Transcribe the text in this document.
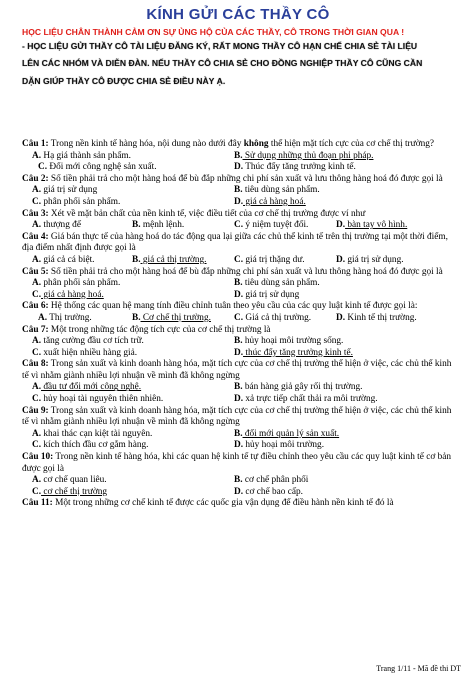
KÍNH GỬI CÁC THẦY CÔ
HỌC LIỆU CHÂN THÀNH CẢM ƠN SỰ ỦNG HỘ CỦA CÁC THẦY, CÔ TRONG THỜI GIAN QUA !
- HỌC LIỆU GỬI THẦY CÔ TÀI LIỆU ĐĂNG KÝ, RẤT MONG THẦY CÔ HẠN CHẾ CHIA SẺ TÀI LIỆU
LÊN CÁC NHÓM VÀ DIỄN ĐÀN. NẾU THẦY CÔ CHIA SẺ CHO ĐỒNG NGHIỆP THẦY CÔ CŨNG CẦN
DẶN GIÚP THẦY CÔ ĐƯỢC CHIA SẺ ĐIỀU NÀY Ạ.
Câu 1: Trong nền kinh tế hàng hóa, nội dung nào dưới đây không thể hiện mặt tích cực của cơ chế thị trường?
A. Hạ giá thành sản phẩm.	B. Sử dụng những thủ đoạn phi pháp.
C. Đổi mới công nghệ sản xuất.	D. Thúc đẩy tăng trưởng kinh tế.
Câu 2: Số tiền phải trả cho một hàng hoá để bù đắp những chi phí sản xuất và lưu thông hàng hoá đó được gọi là
A. giá trị sử dụng	B. tiêu dùng sản phẩm.
C. phân phối sản phẩm.	D. giá cả hàng hoá.
Câu 3: Xét về mặt bản chất của nền kinh tế, việc điều tiết của cơ chế thị trường được ví như
A. thượng đế	B. mệnh lệnh.	C. ý niệm tuyệt đối.	D. bàn tay vô hình.
Câu 4: Giá bán thực tế của hàng hoá do tác động qua lại giữa các chủ thể kinh tế trên thị trường tại một thời điểm, địa điểm nhất định được gọi là
A. giá cả cá biệt.	B. giá cả thị trường.	C. giá trị thặng dư.	D. giá trị sử dụng.
Câu 5: Số tiền phải trả cho một hàng hoá để bù đắp những chi phí sản xuất và lưu thông hàng hoá đó được gọi là
A. phân phối sản phẩm.	B. tiêu dùng sản phẩm.
C. giá cả hàng hoá.	D. giá trị sử dụng
Câu 6: Hệ thống các quan hệ mang tính điều chỉnh tuân theo yêu cầu của các quy luật kinh tế được gọi là:
A. Thị trường.	B. Cơ chế thị trường. C. Giá cả thị trường.	D. Kinh tế thị trường.
Câu 7: Một trong những tác động tích cực của cơ chế thị trường là
A. tăng cường đầu cơ tích trữ.	B. hủy hoại môi trường sống.
C. xuất hiện nhiều hàng giả.	D. thúc đẩy tăng trưởng kinh tế.
Câu 8: Trong sản xuất và kinh doanh hàng hóa, mặt tích cực của cơ chế thị trường thể hiện ở việc, các chủ thể kinh tế vì nhằm giành nhiều lợi nhuận về mình đã không ngừng
A. đầu tư đổi mới công nghệ.	B. bán hàng giả gây rối thị trường.
C. hủy hoại tài nguyên thiên nhiên.	D. xả trực tiếp chất thải ra môi trường.
Câu 9: Trong sản xuất và kinh doanh hàng hóa, mặt tích cực của cơ chế thị trường thể hiện ở việc, các chủ thể kinh tế vì nhằm giành nhiều lợi nhuận về mình đã không ngừng
A. khai thác cạn kiệt tài nguyên.	B. đổi mới quản lý sản xuất.
C. kích thích đầu cơ gắm hàng.	D. hủy hoại môi trường.
Câu 10: Trong nền kinh tế hàng hóa, khi các quan hệ kinh tế tự điều chỉnh theo yêu cầu các quy luật kinh tế cơ bản được gọi là
A. cơ chế quan liêu.	B. cơ chế phân phối
C. cơ chế thị trường	D. cơ chế bao cấp.
Câu 11: Một trong những cơ chế kinh tế được các quốc gia vận dụng để điều hành nền kinh tế đó là
Trang 1/11 - Mã đề thi DT
